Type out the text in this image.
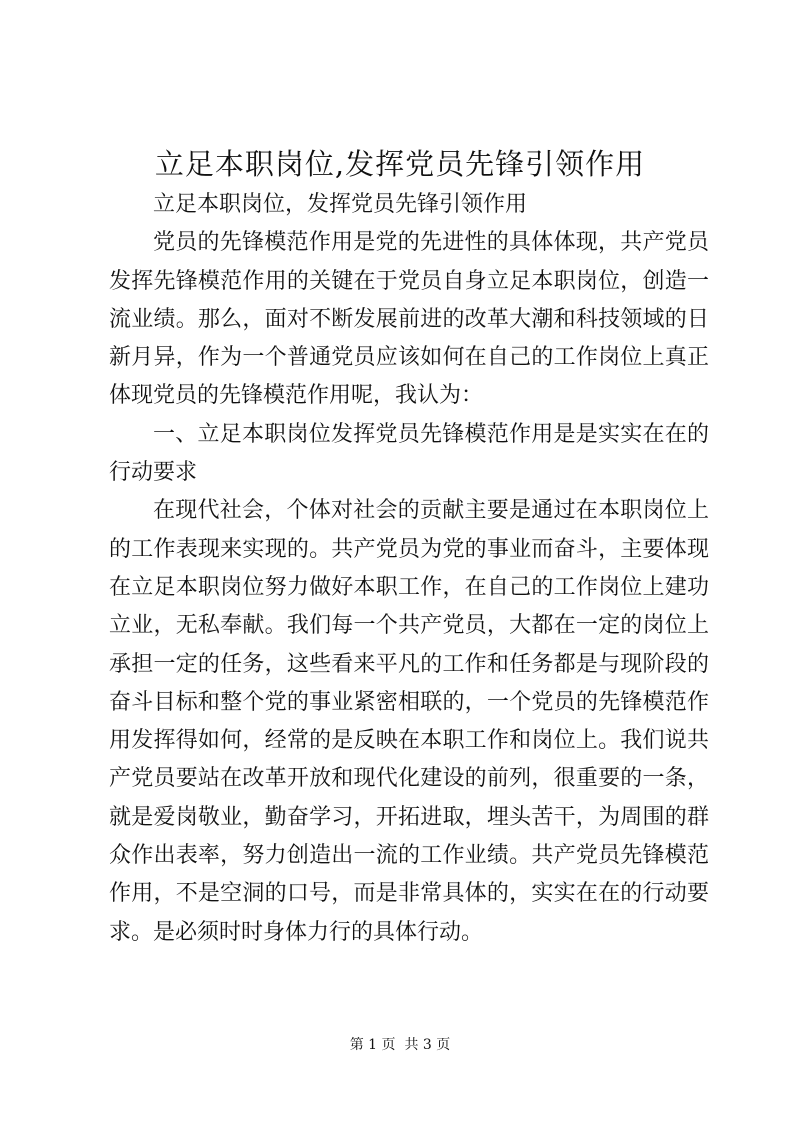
立足本职岗位,发挥党员先锋引领作用

立足本职岗位，发挥党员先锋引领作用

党员的先锋模范作用是党的先进性的具体体现，共产党员发挥先锋模范作用的关键在于党员自身立足本职岗位，创造一流业绩。那么，面对不断发展前进的改革大潮和科技领域的日新月异，作为一个普通党员应该如何在自己的工作岗位上真正体现党员的先锋模范作用呢，我认为：

一、立足本职岗位发挥党员先锋模范作用是是实实在在的行动要求

在现代社会，个体对社会的贡献主要是通过在本职岗位上的工作表现来实现的。共产党员为党的事业而奋斗，主要体现在立足本职岗位努力做好本职工作，在自己的工作岗位上建功立业，无私奉献。我们每一个共产党员，大都在一定的岗位上承担一定的任务，这些看来平凡的工作和任务都是与现阶段的奋斗目标和整个党的事业紧密相联的，一个党员的先锋模范作用发挥得如何，经常的是反映在本职工作和岗位上。我们说共产党员要站在改革开放和现代化建设的前列，很重要的一条，就是爱岗敬业，勤奋学习，开拓进取，埋头苦干，为周围的群众作出表率，努力创造出一流的工作业绩。共产党员先锋模范作用，不是空洞的口号，而是非常具体的，实实在在的行动要求。是必须时时身体力行的具体行动。

第 1 页  共 3 页
